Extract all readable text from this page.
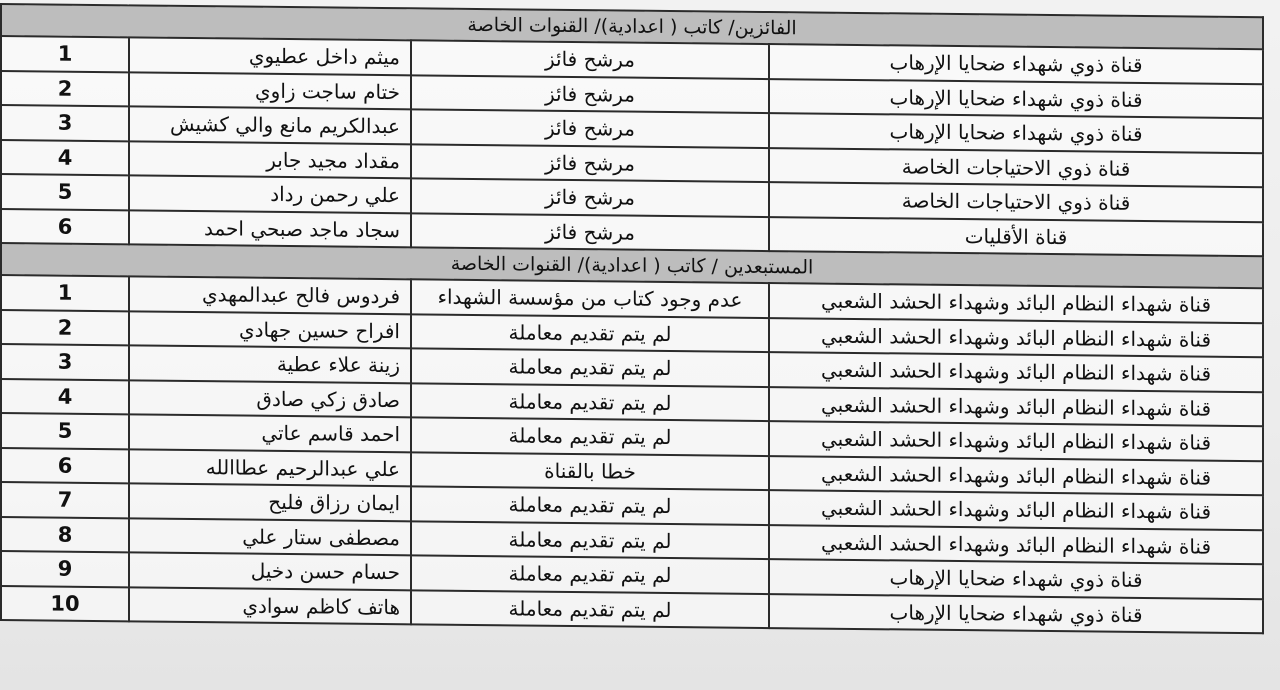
الفائزين/ كاتب ( اعدادية)/ القنوات الخاصة			
1	ميثم داخل عطيوي	مرشح فائز	قناة ذوي شهداء ضحايا الإرهاب
2	ختام ساجت زاوي	مرشح فائز	قناة ذوي شهداء ضحايا الإرهاب
3	عبدالكريم مانع والي كشيش	مرشح فائز	قناة ذوي شهداء ضحايا الإرهاب
4	مقداد مجيد جابر	مرشح فائز	قناة ذوي الاحتياجات الخاصة
5	علي رحمن رداد	مرشح فائز	قناة ذوي الاحتياجات الخاصة
6	سجاد ماجد صبحي احمد	مرشح فائز	قناة الأقليات
المستبعدين / كاتب ( اعدادية)/ القنوات الخاصة			
1	فردوس فالح عبدالمهدي	عدم وجود كتاب من مؤسسة الشهداء	قناة شهداء النظام البائد وشهداء الحشد الشعبي
2	افراح حسين جهادي	لم يتم تقديم معاملة	قناة شهداء النظام البائد وشهداء الحشد الشعبي
3	زينة علاء عطية	لم يتم تقديم معاملة	قناة شهداء النظام البائد وشهداء الحشد الشعبي
4	صادق زكي صادق	لم يتم تقديم معاملة	قناة شهداء النظام البائد وشهداء الحشد الشعبي
5	احمد قاسم عاتي	لم يتم تقديم معاملة	قناة شهداء النظام البائد وشهداء الحشد الشعبي
6	علي عبدالرحيم عطاالله	خطا بالقناة	قناة شهداء النظام البائد وشهداء الحشد الشعبي
7	ايمان رزاق فليح	لم يتم تقديم معاملة	قناة شهداء النظام البائد وشهداء الحشد الشعبي
8	مصطفى ستار علي	لم يتم تقديم معاملة	قناة شهداء النظام البائد وشهداء الحشد الشعبي
9	حسام حسن دخيل	لم يتم تقديم معاملة	قناة ذوي شهداء ضحايا الإرهاب
10	هاتف كاظم سوادي	لم يتم تقديم معاملة	قناة ذوي شهداء ضحايا الإرهاب
